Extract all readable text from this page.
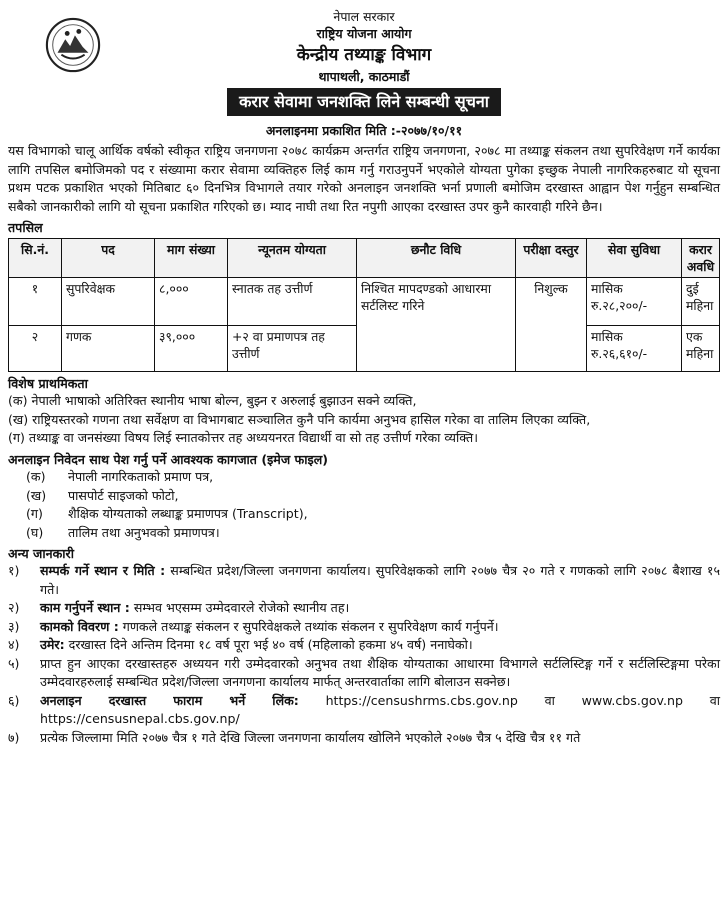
नेपाल सरकार
राष्ट्रिय योजना आयोग
केन्द्रीय तथ्याङ्क विभाग
थापाथली, काठमाडौं
करार सेवामा जनशक्ति लिने सम्बन्धी सूचना
अनलाइनमा प्रकाशित मिति :-२०७७/१०/११

यस विभागको चालू आर्थिक वर्षको स्वीकृत राष्ट्रिय जनगणना २०७८ कार्यक्रम अन्तर्गत राष्ट्रिय जनगणना, २०७८ मा तथ्याङ्क संकलन तथा सुपरिवेक्षण गर्ने कार्यका लागि तपसिल बमोजिमको पद र संख्यामा करार सेवामा व्यक्तिहरु लिई काम गर्नु गराउनुपर्ने भएकोले योग्यता पुगेका इच्छुक नेपाली नागरिकहरुबाट यो सूचना प्रथम पटक प्रकाशित भएको मितिबाट ६० दिनभित्र विभागले तयार गरेको अनलाइन जनशक्ति भर्ना प्रणाली बमोजिम दरखास्त आह्वान पेश गर्नुहुन सम्बन्धित सबैको जानकारीको लागि यो सूचना प्रकाशित गरिएको छ। म्याद नाघी तथा रित नपुगी आएका दरखास्त उपर कुनै कारवाही गरिने छैन।

तपसिल
सि.नं.	पद	माग संख्या	न्यूनतम योग्यता	छनौट विधि	परीक्षा दस्तुर	सेवा सुविधा	करार अवधि
१	सुपरिवेक्षक	८,०००	स्नातक तह उत्तीर्ण	निश्चित मापदण्डको आधारमा सर्टलिस्ट गरिने	निशुल्क	मासिक रु.२८,२००/-	दुई महिना
२	गणक	३९,०००	+२ वा प्रमाणपत्र तह उत्तीर्ण			मासिक रु.२६,६१०/-	एक महिना
विशेष प्राथमिकता
(क) नेपाली भाषाको अतिरिक्त स्थानीय भाषा बोल्न, बुझ्न र अरुलाई बुझाउन सक्ने व्यक्ति,
(ख) राष्ट्रियस्तरको गणना तथा सर्वेक्षण वा विभागबाट सञ्चालित कुनै पनि कार्यमा अनुभव हासिल गरेका वा तालिम लिएका व्यक्ति,
(ग) तथ्याङ्क वा जनसंख्या विषय लिई स्नातकोत्तर तह अध्ययनरत विद्यार्थी वा सो तह उत्तीर्ण गरेका व्यक्ति।
अनलाइन निवेदन साथ पेश गर्नु पर्ने आवश्यक कागजात (इमेज फाइल)
(क) नेपाली नागरिकताको प्रमाण पत्र,
(ख) पासपोर्ट साइजको फोटो,
(ग) शैक्षिक योग्यताको लब्धाङ्क प्रमाणपत्र (Transcript),
(घ) तालिम तथा अनुभवको प्रमाणपत्र।
अन्य जानकारी
१)	सम्पर्क गर्ने स्थान र मिति : सम्बन्धित प्रदेश/जिल्ला जनगणना कार्यालय। सुपरिवेक्षकको लागि २०७७ चैत्र २० गते र गणकको लागि २०७८ बैशाख १५ गते।
२)	काम गर्नुपर्ने स्थान : सम्भव भएसम्म उम्मेदवारले रोजेको स्थानीय तह।
३)	कामको विवरण : गणकले तथ्याङ्क संकलन र सुपरिवेक्षकले तथ्यांक संकलन र सुपरिवेक्षण कार्य गर्नुपर्ने।
४)	उमेर: दरखास्त दिने अन्तिम दिनमा १८ वर्ष पूरा भई ४० वर्ष (महिलाको हकमा ४५ वर्ष) ननाघेको।
५)	प्राप्त हुन आएका दरखास्तहरु अध्ययन गरी उम्मेदवारको अनुभव तथा शैक्षिक योग्यताका आधारमा विभागले सर्टलिस्टिङ्ग गर्ने र सर्टलिस्टिङ्गमा परेका उम्मेदवारहरुलाई सम्बन्धित प्रदेश/जिल्ला जनगणना कार्यालय मार्फत् अन्तरवार्ताका लागि बोलाउन सक्नेछ।
६)	अनलाइन दरखास्त फाराम भर्ने लिंक: https://censushrms.cbs.gov.np वा www.cbs.gov.np वा https://censusnepal.cbs.gov.np/
७)	प्रत्येक जिल्लामा मिति २०७७ चैत्र १ गते देखि जिल्ला जनगणना कार्यालय खोलिने भएकोले २०७७ चैत्र ५ देखि चैत्र ११ गते
